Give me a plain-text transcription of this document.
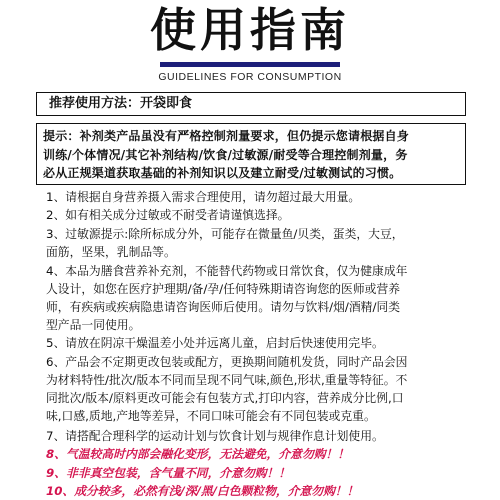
使用指南
GUIDELINES FOR CONSUMPTION
推荐使用方法：开袋即食
提示：补剂类产品虽没有严格控制剂量要求，但仍提示您请根据自身
训练/个体情况/其它补剂结构/饮食/过敏源/耐受等合理控制剂量，务
必从正规渠道获取基础的补剂知识以及建立耐受/过敏测试的习惯。
1、请根据自身营养摄入需求合理使用，请勿超过最大用量。
2、如有相关成分过敏或不耐受者请谨慎选择。
3、过敏源提示:除所标成分外，可能存在微量鱼/贝类，蛋类，大豆，
面筋，坚果，乳制品等。
4、本品为膳食营养补充剂，不能替代药物或日常饮食，仅为健康成年
人设计，如您在医疗护理期/备/孕/任何特殊期请咨询您的医师或营养
师，有疾病或疾病隐患请咨询医师后使用。请勿与饮料/烟/酒精/同类
型产品一同使用。
5、请放在阴凉干燥温差小处并远离儿童，启封后快速使用完毕。
6、产品会不定期更改包装或配方，更换期间随机发货，同时产品会因
为材料特性/批次/版本不同而呈现不同气味,颜色,形状,重量等特征。不
同批次/版本/原料更改可能会有包装方式,打印内容，营养成分比例,口
味,口感,质地,产地等差异，不同口味可能会有不同包装或克重。
7、请搭配合理科学的运动计划与饮食计划与规律作息计划使用。
8、气温较高时内部会融化变形，无法避免，介意勿购！！
9、非非真空包装，含气量不同，介意勿购！！
10、成分较多，必然有浅/深/黑/白色颗粒物，介意勿购！！
